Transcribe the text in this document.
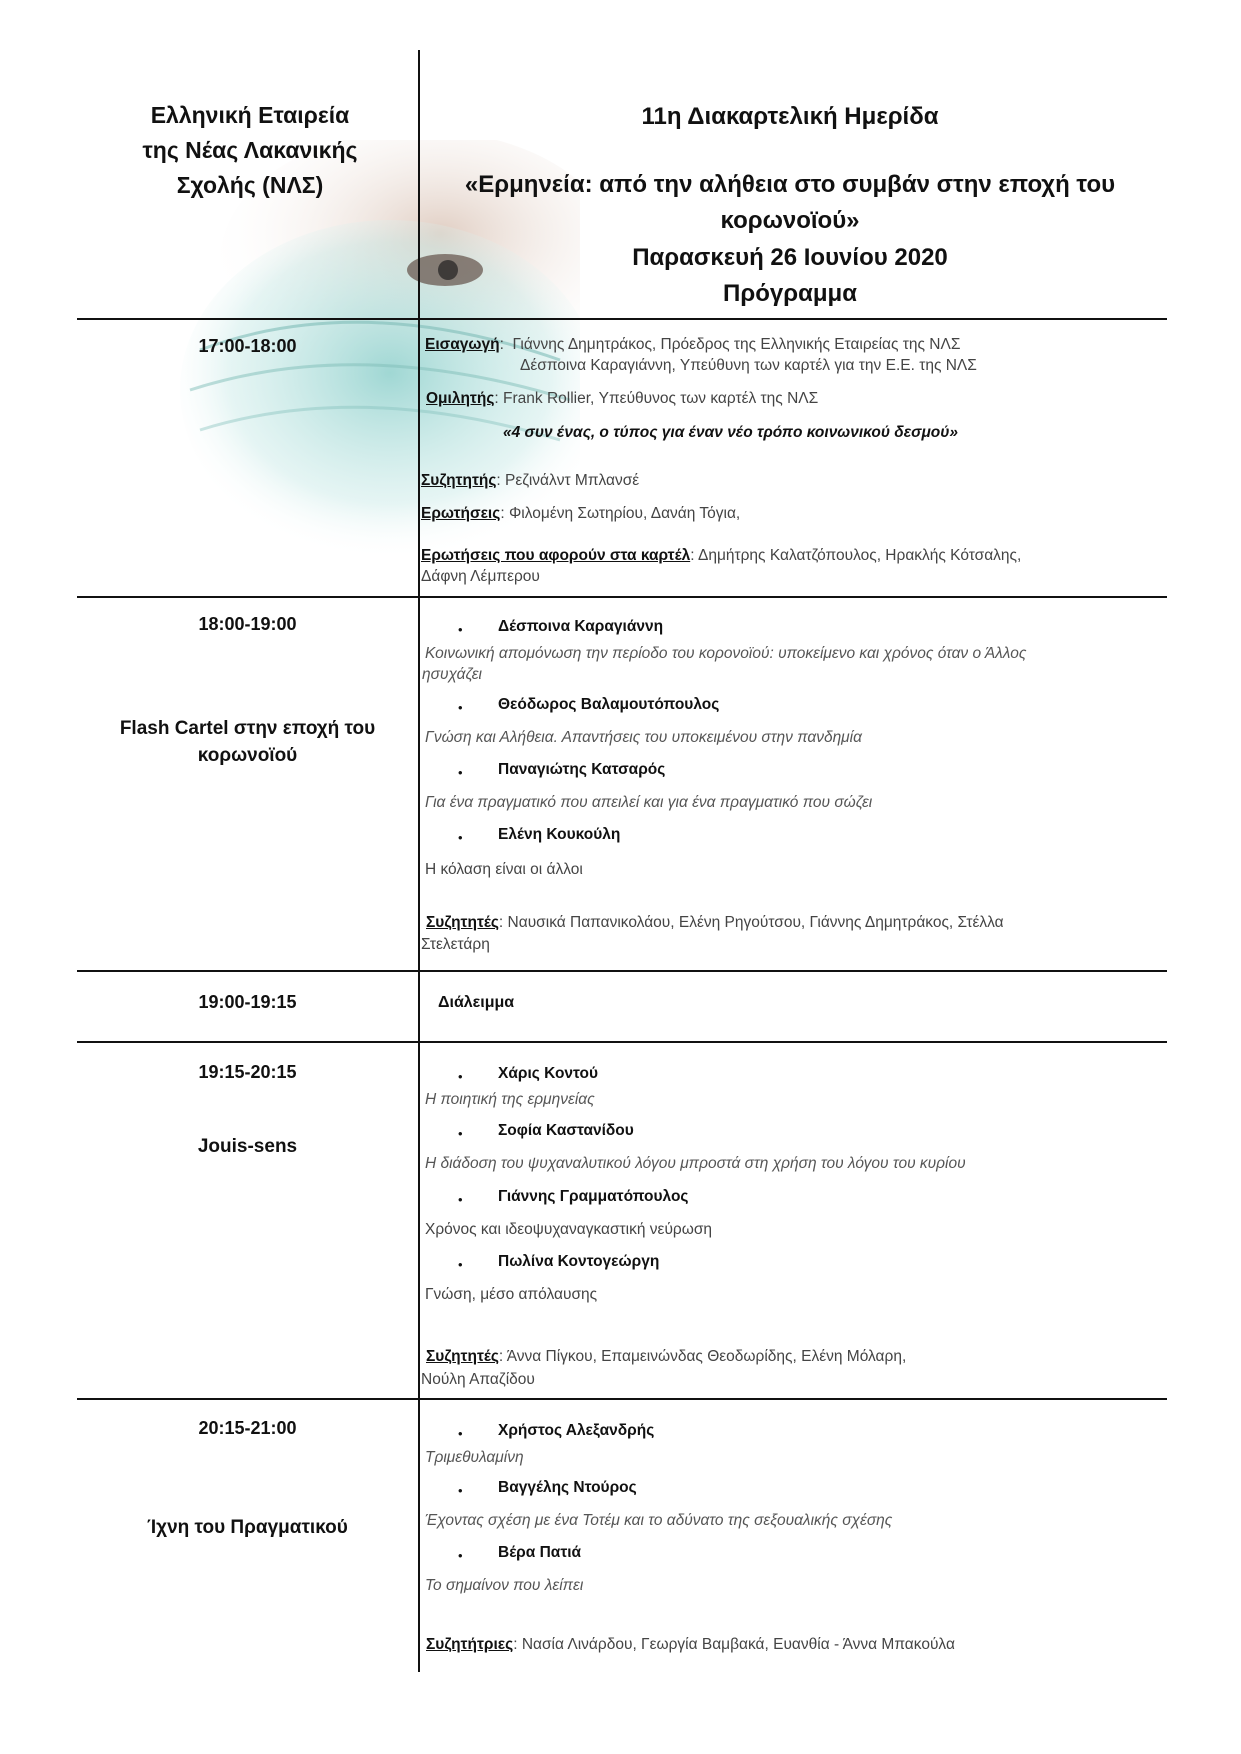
Ελληνική Εταιρεία
της Νέας Λακανικής
Σχολής (ΝΛΣ)
11η Διακαρτελική Ημερίδα
«Ερμηνεία: από την αλήθεια στο συμβάν στην εποχή του
κορωνοϊού»
Παρασκευή 26 Ιουνίου 2020
Πρόγραμμα
17:00-18:00	Εισαγωγή:  Γιάννης Δημητράκος, Πρόεδρος της Ελληνικής Εταιρείας της ΝΛΣ
Δέσποινα Καραγιάννη, Υπεύθυνη των καρτέλ για την Ε.Ε. της ΝΛΣ
Ομιλητής: Frank Rollier, Υπεύθυνος των καρτέλ της ΝΛΣ
«4 συν ένας, ο τύπος για έναν νέο τρόπο κοινωνικού δεσμού»
Συζητητής: Ρεζινάλντ Μπλανσέ
Ερωτήσεις: Φιλομένη Σωτηρίου, Δανάη Τόγια,
Ερωτήσεις που αφορούν στα καρτέλ: Δημήτρης Καλατζόπουλος, Ηρακλής Κότσαλης,
Δάφνη Λέμπερου
18:00-19:00
Flash Cartel στην εποχή του
κορωνοϊού
• Δέσποινα Καραγιάννη
Κοινωνική απομόνωση την περίοδο του κορονοϊού: υποκείμενο και χρόνος όταν ο Άλλος
ησυχάζει
• Θεόδωρος Βαλαμουτόπουλος
Γνώση και Αλήθεια. Απαντήσεις του υποκειμένου στην πανδημία
• Παναγιώτης Κατσαρός
Για ένα πραγματικό που απειλεί και για ένα πραγματικό που σώζει
• Ελένη Κουκούλη
Η κόλαση είναι οι άλλοι
Συζητητές: Ναυσικά Παπανικολάου, Ελένη Ρηγούτσου, Γιάννης Δημητράκος, Στέλλα
Στελετάρη
19:00-19:15	Διάλειμμα
19:15-20:15
Jouis-sens
• Χάρις Κοντού
Η ποιητική της ερμηνείας
• Σοφία Καστανίδου
Η διάδοση του ψυχαναλυτικού λόγου μπροστά στη χρήση του λόγου του κυρίου
• Γιάννης Γραμματόπουλος
Χρόνος και ιδεοψυχαναγκαστική νεύρωση
• Πωλίνα Κοντογεώργη
Γνώση, μέσο απόλαυσης
Συζητητές: Άννα Πίγκου, Επαμεινώνδας Θεοδωρίδης, Ελένη Μόλαρη,
Νούλη Απαζίδου
20:15-21:00
Ίχνη του Πραγματικού
• Χρήστος Αλεξανδρής
Τριμεθυλαμίνη
• Βαγγέλης Ντούρος
Έχοντας σχέση με ένα Τοτέμ και το αδύνατο της σεξουαλικής σχέσης
• Βέρα Πατιά
Το σημαίνον που λείπει
Συζητήτριες: Νασία Λινάρδου, Γεωργία Βαμβακά, Ευανθία - Άννα Μπακούλα
